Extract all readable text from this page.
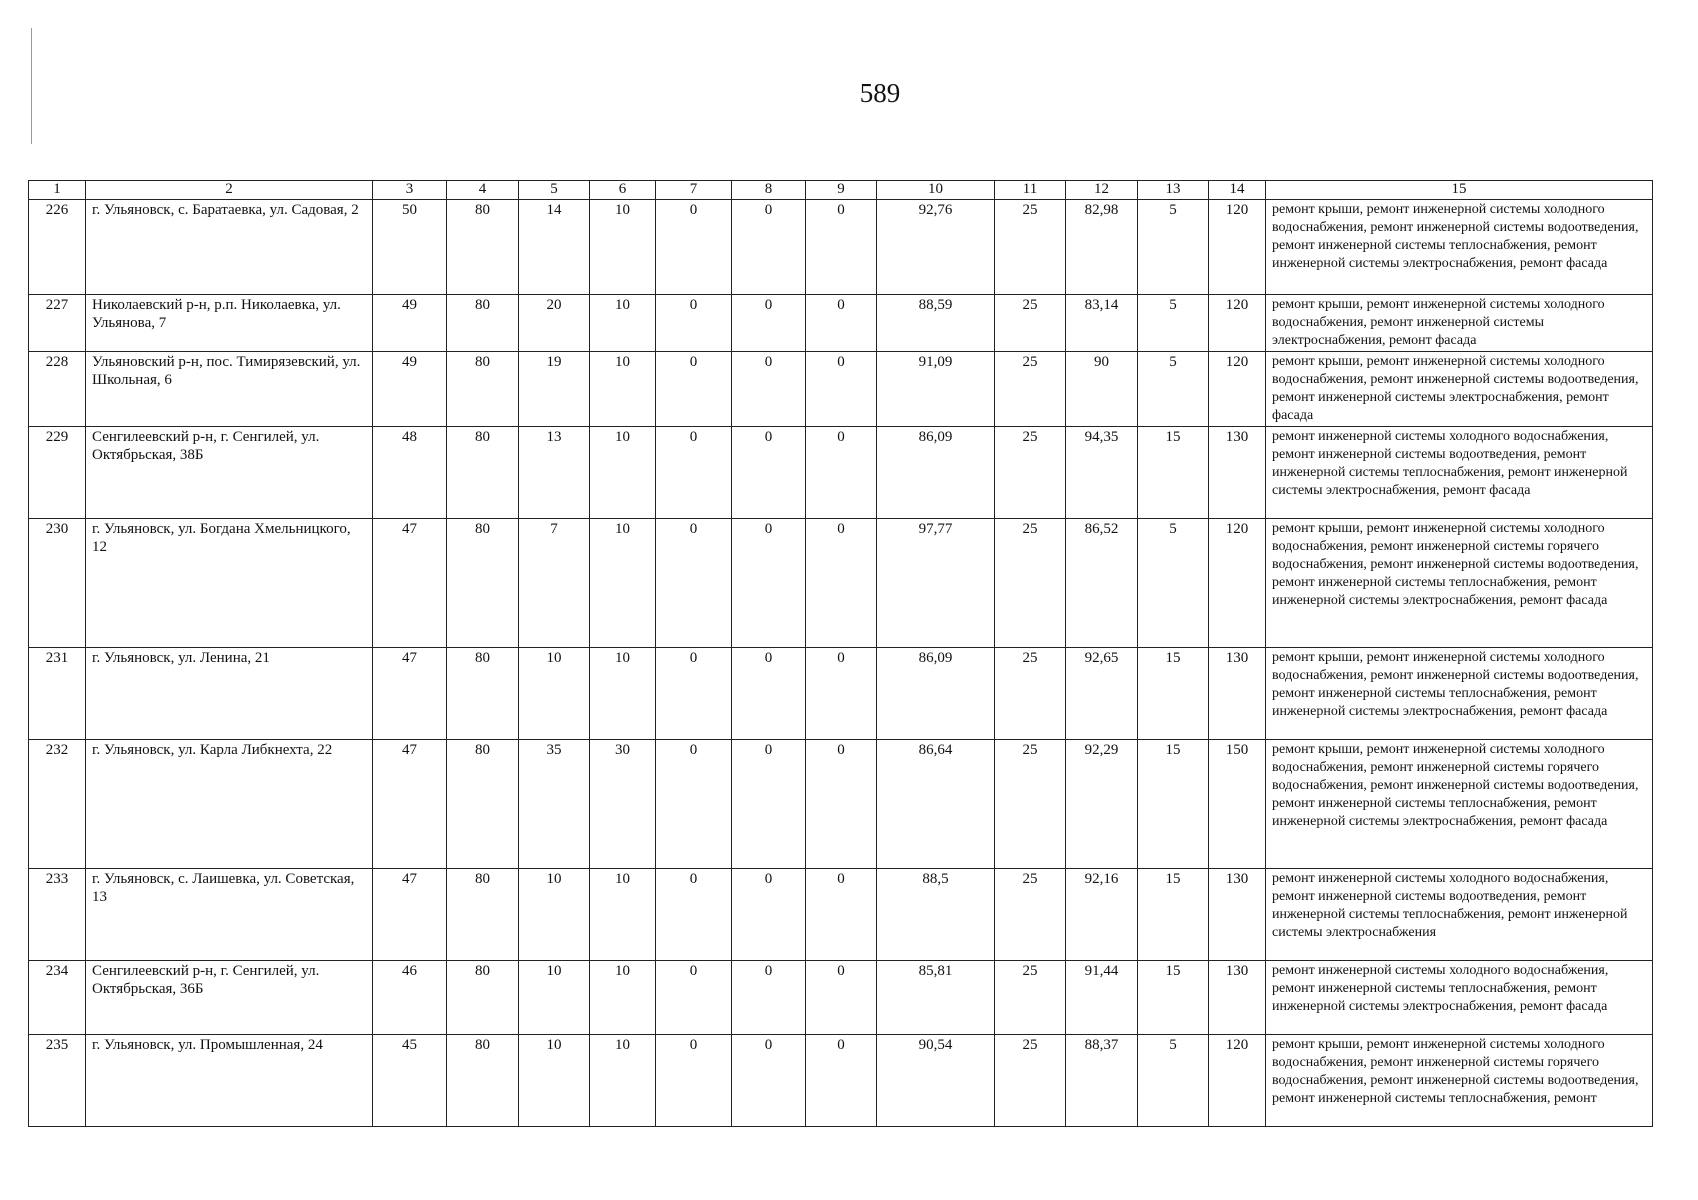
589
1	2	3	4	5	6	7	8	9	10	11	12	13	14	15
226	г. Ульяновск, с. Баратаевка, ул. Садовая, 2	50	80	14	10	0	0	0	92,76	25	82,98	5	120	ремонт крыши, ремонт инженерной системы холодного водоснабжения, ремонт инженерной системы водоотведения, ремонт инженерной системы теплоснабжения, ремонт инженерной системы электроснабжения, ремонт фасада
227	Николаевский р-н, р.п. Николаевка, ул. Ульянова, 7	49	80	20	10	0	0	0	88,59	25	83,14	5	120	ремонт крыши, ремонт инженерной системы холодного водоснабжения, ремонт инженерной системы электроснабжения, ремонт фасада
228	Ульяновский р-н, пос. Тимирязевский, ул. Школьная, 6	49	80	19	10	0	0	0	91,09	25	90	5	120	ремонт крыши, ремонт инженерной системы холодного водоснабжения, ремонт инженерной системы водоотведения, ремонт инженерной системы электроснабжения, ремонт фасада
229	Сенгилеевский р-н, г. Сенгилей, ул. Октябрьская, 38Б	48	80	13	10	0	0	0	86,09	25	94,35	15	130	ремонт инженерной системы холодного водоснабжения, ремонт инженерной системы водоотведения, ремонт инженерной системы теплоснабжения, ремонт инженерной системы электроснабжения, ремонт фасада
230	г. Ульяновск, ул. Богдана Хмельницкого, 12	47	80	7	10	0	0	0	97,77	25	86,52	5	120	ремонт крыши, ремонт инженерной системы холодного водоснабжения, ремонт инженерной системы горячего водоснабжения, ремонт инженерной системы водоотведения, ремонт инженерной системы теплоснабжения, ремонт инженерной системы электроснабжения, ремонт фасада
231	г. Ульяновск, ул. Ленина, 21	47	80	10	10	0	0	0	86,09	25	92,65	15	130	ремонт крыши, ремонт инженерной системы холодного водоснабжения, ремонт инженерной системы водоотведения, ремонт инженерной системы теплоснабжения, ремонт инженерной системы электроснабжения, ремонт фасада
232	г. Ульяновск, ул. Карла Либкнехта, 22	47	80	35	30	0	0	0	86,64	25	92,29	15	150	ремонт крыши, ремонт инженерной системы холодного водоснабжения, ремонт инженерной системы горячего водоснабжения, ремонт инженерной системы водоотведения, ремонт инженерной системы теплоснабжения, ремонт инженерной системы электроснабжения, ремонт фасада
233	г. Ульяновск, с. Лаишевка, ул. Советская, 13	47	80	10	10	0	0	0	88,5	25	92,16	15	130	ремонт инженерной системы холодного водоснабжения, ремонт инженерной системы водоотведения, ремонт инженерной системы теплоснабжения, ремонт инженерной системы электроснабжения
234	Сенгилеевский р-н, г. Сенгилей, ул. Октябрьская, 36Б	46	80	10	10	0	0	0	85,81	25	91,44	15	130	ремонт инженерной системы холодного водоснабжения, ремонт инженерной системы теплоснабжения, ремонт инженерной системы электроснабжения, ремонт фасада
235	г. Ульяновск, ул. Промышленная, 24	45	80	10	10	0	0	0	90,54	25	88,37	5	120	ремонт крыши, ремонт инженерной системы холодного водоснабжения, ремонт инженерной системы горячего водоснабжения, ремонт инженерной системы водоотведения, ремонт инженерной системы теплоснабжения, ремонт
